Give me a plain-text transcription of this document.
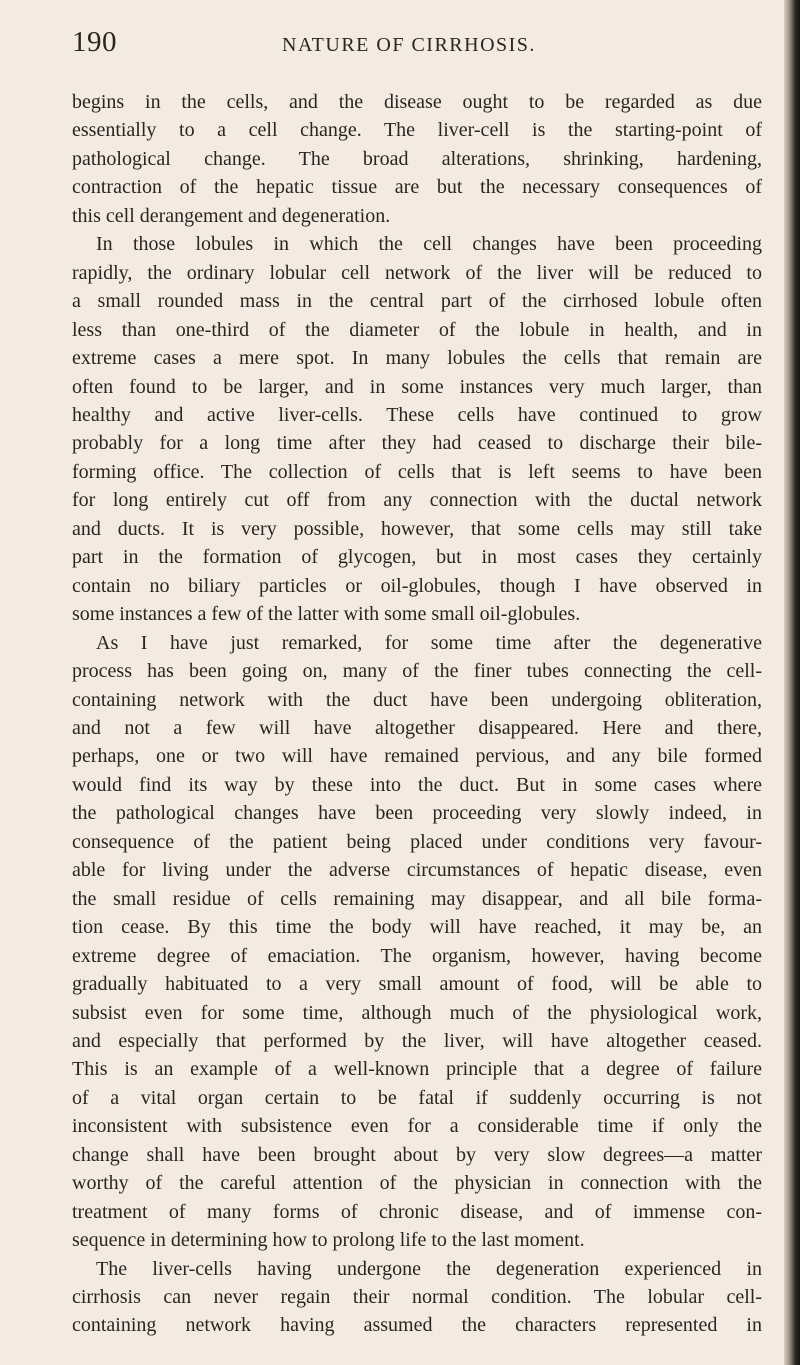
190	NATURE OF CIRRHOSIS.
begins in the cells, and the disease ought to be regarded as due
essentially to a cell change. The liver-cell is the starting-point of
pathological change. The broad alterations, shrinking, hardening,
contraction of the hepatic tissue are but the necessary consequences of
this cell derangement and degeneration.
In those lobules in which the cell changes have been proceeding
rapidly, the ordinary lobular cell network of the liver will be reduced to
a small rounded mass in the central part of the cirrhosed lobule often
less than one-third of the diameter of the lobule in health, and in
extreme cases a mere spot. In many lobules the cells that remain are
often found to be larger, and in some instances very much larger, than
healthy and active liver-cells. These cells have continued to grow
probably for a long time after they had ceased to discharge their bile-
forming office. The collection of cells that is left seems to have been
for long entirely cut off from any connection with the ductal network
and ducts. It is very possible, however, that some cells may still take
part in the formation of glycogen, but in most cases they certainly
contain no biliary particles or oil-globules, though I have observed in
some instances a few of the latter with some small oil-globules.
As I have just remarked, for some time after the degenerative
process has been going on, many of the finer tubes connecting the cell-
containing network with the duct have been undergoing obliteration,
and not a few will have altogether disappeared. Here and there,
perhaps, one or two will have remained pervious, and any bile formed
would find its way by these into the duct. But in some cases where
the pathological changes have been proceeding very slowly indeed, in
consequence of the patient being placed under conditions very favour-
able for living under the adverse circumstances of hepatic disease, even
the small residue of cells remaining may disappear, and all bile forma-
tion cease. By this time the body will have reached, it may be, an
extreme degree of emaciation. The organism, however, having become
gradually habituated to a very small amount of food, will be able to
subsist even for some time, although much of the physiological work,
and especially that performed by the liver, will have altogether ceased.
This is an example of a well-known principle that a degree of failure
of a vital organ certain to be fatal if suddenly occurring is not
inconsistent with subsistence even for a considerable time if only the
change shall have been brought about by very slow degrees—a matter
worthy of the careful attention of the physician in connection with the
treatment of many forms of chronic disease, and of immense con-
sequence in determining how to prolong life to the last moment.
The liver-cells having undergone the degeneration experienced in
cirrhosis can never regain their normal condition. The lobular cell-
containing network having assumed the characters represented in
